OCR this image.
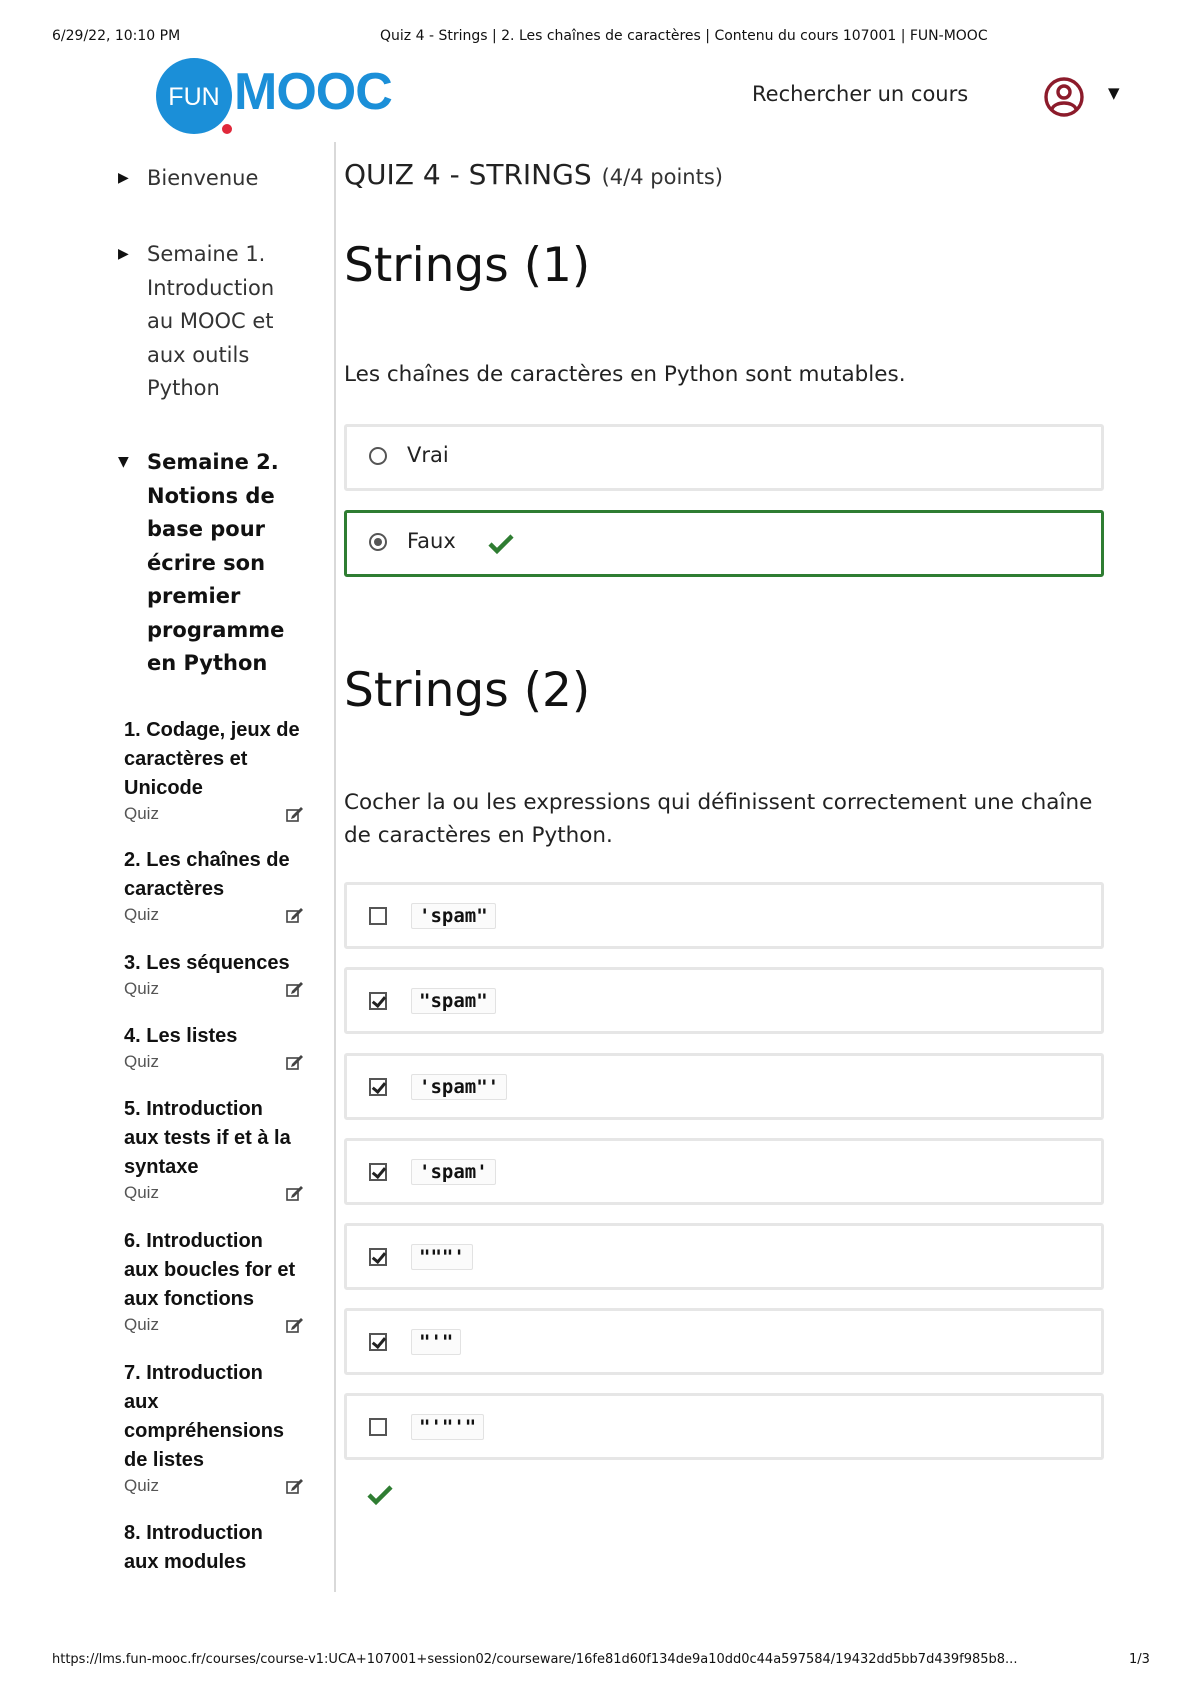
6/29/22, 10:10 PM	Quiz 4 - Strings | 2. Les chaînes de caractères | Contenu du cours 107001 | FUN-MOOC
FUN MOOC	Rechercher un cours	▼
▶ Bienvenue
▶ Semaine 1. Introduction au MOOC et aux outils Python
▼ Semaine 2. Notions de base pour écrire son premier programme en Python
1. Codage, jeux de caractères et Unicode
Quiz
2. Les chaînes de caractères
Quiz
3. Les séquences
Quiz
4. Les listes
Quiz
5. Introduction aux tests if et à la syntaxe
Quiz
6. Introduction aux boucles for et aux fonctions
Quiz
7. Introduction aux compréhensions de listes
Quiz
8. Introduction aux modules
QUIZ 4 - STRINGS (4/4 points)
Strings (1)
Les chaînes de caractères en Python sont mutables.
Vrai
Faux
Strings (2)
Cocher la ou les expressions qui définissent correctement une chaîne de caractères en Python.
'spam"
"spam"
'spam"'
'spam'
"""'
"'"
"'"'"
https://lms.fun-mooc.fr/courses/course-v1:UCA+107001+session02/courseware/16fe81d60f134de9a10dd0c44a597584/19432dd5bb7d439f985b8...	1/3
